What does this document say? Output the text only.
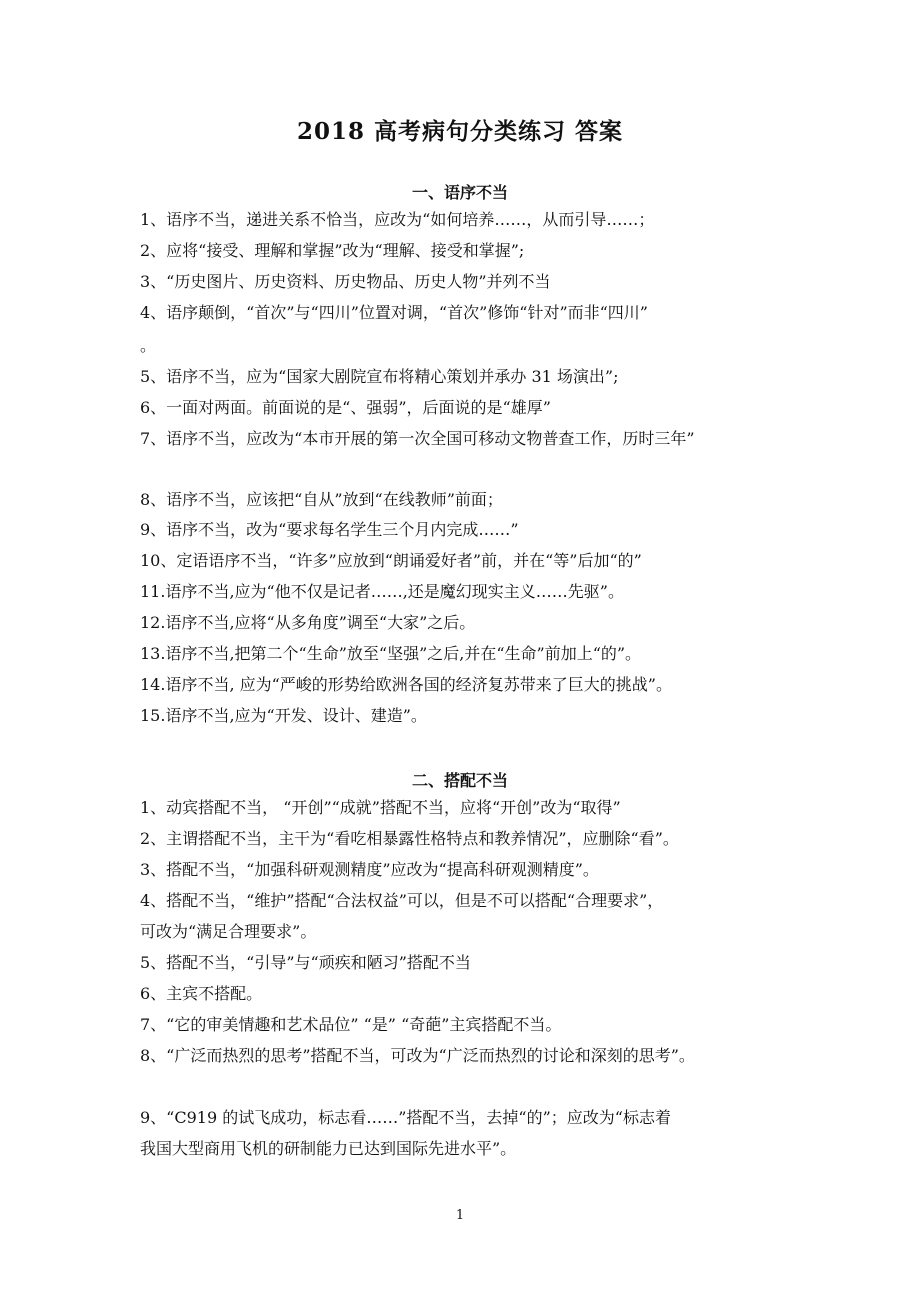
2018 高考病句分类练习 答案
一、语序不当
1、语序不当，递进关系不恰当，应改为“如何培养……，从而引导……；
2、应将“接受、理解和掌握”改为“理解、接受和掌握”;
3、“历史图片、历史资料、历史物品、历史人物”并列不当
4、语序颠倒，“首次”与“四川”位置对调，“首次”修饰“针对”而非“四川”
。
5、语序不当，应为“国家大剧院宣布将精心策划并承办 31 场演出”;
6、一面对两面。前面说的是“、强弱”，后面说的是“雄厚”
7、语序不当，应改为“本市开展的第一次全国可移动文物普查工作，历时三年”
8、语序不当，应该把“自从”放到“在线教师”前面；
9、语序不当，改为“要求每名学生三个月内完成……”
10、定语语序不当，“许多”应放到“朗诵爱好者”前，并在“等”后加“的”
11.语序不当,应为“他不仅是记者……,还是魔幻现实主义……先驱”。
12.语序不当,应将“从多角度”调至“大家”之后。
13.语序不当,把第二个“生命”放至“坚强”之后,并在“生命”前加上“的”。
14.语序不当, 应为“严峻的形势给欧洲各国的经济复苏带来了巨大的挑战”。
15.语序不当,应为“开发、设计、建造”。
二、搭配不当
1、动宾搭配不当， “开创”“成就”搭配不当，应将“开创”改为“取得”
2、主谓搭配不当，主干为“看吃相暴露性格特点和教养情况”，应删除“看”。
3、搭配不当，“加强科研观测精度”应改为“提高科研观测精度”。
4、搭配不当，“维护”搭配“合法权益”可以，但是不可以搭配“合理要求”，
可改为“满足合理要求”。
5、搭配不当，“引导”与“顽疾和陋习”搭配不当
6、主宾不搭配。
7、“它的审美情趣和艺术品位” “是” “奇葩”主宾搭配不当。
8、“广泛而热烈的思考”搭配不当，可改为“广泛而热烈的讨论和深刻的思考”。
9、“C919 的试飞成功，标志看……”搭配不当，去掉“的”；应改为“标志着
我国大型商用飞机的研制能力已达到国际先进水平”。
1
